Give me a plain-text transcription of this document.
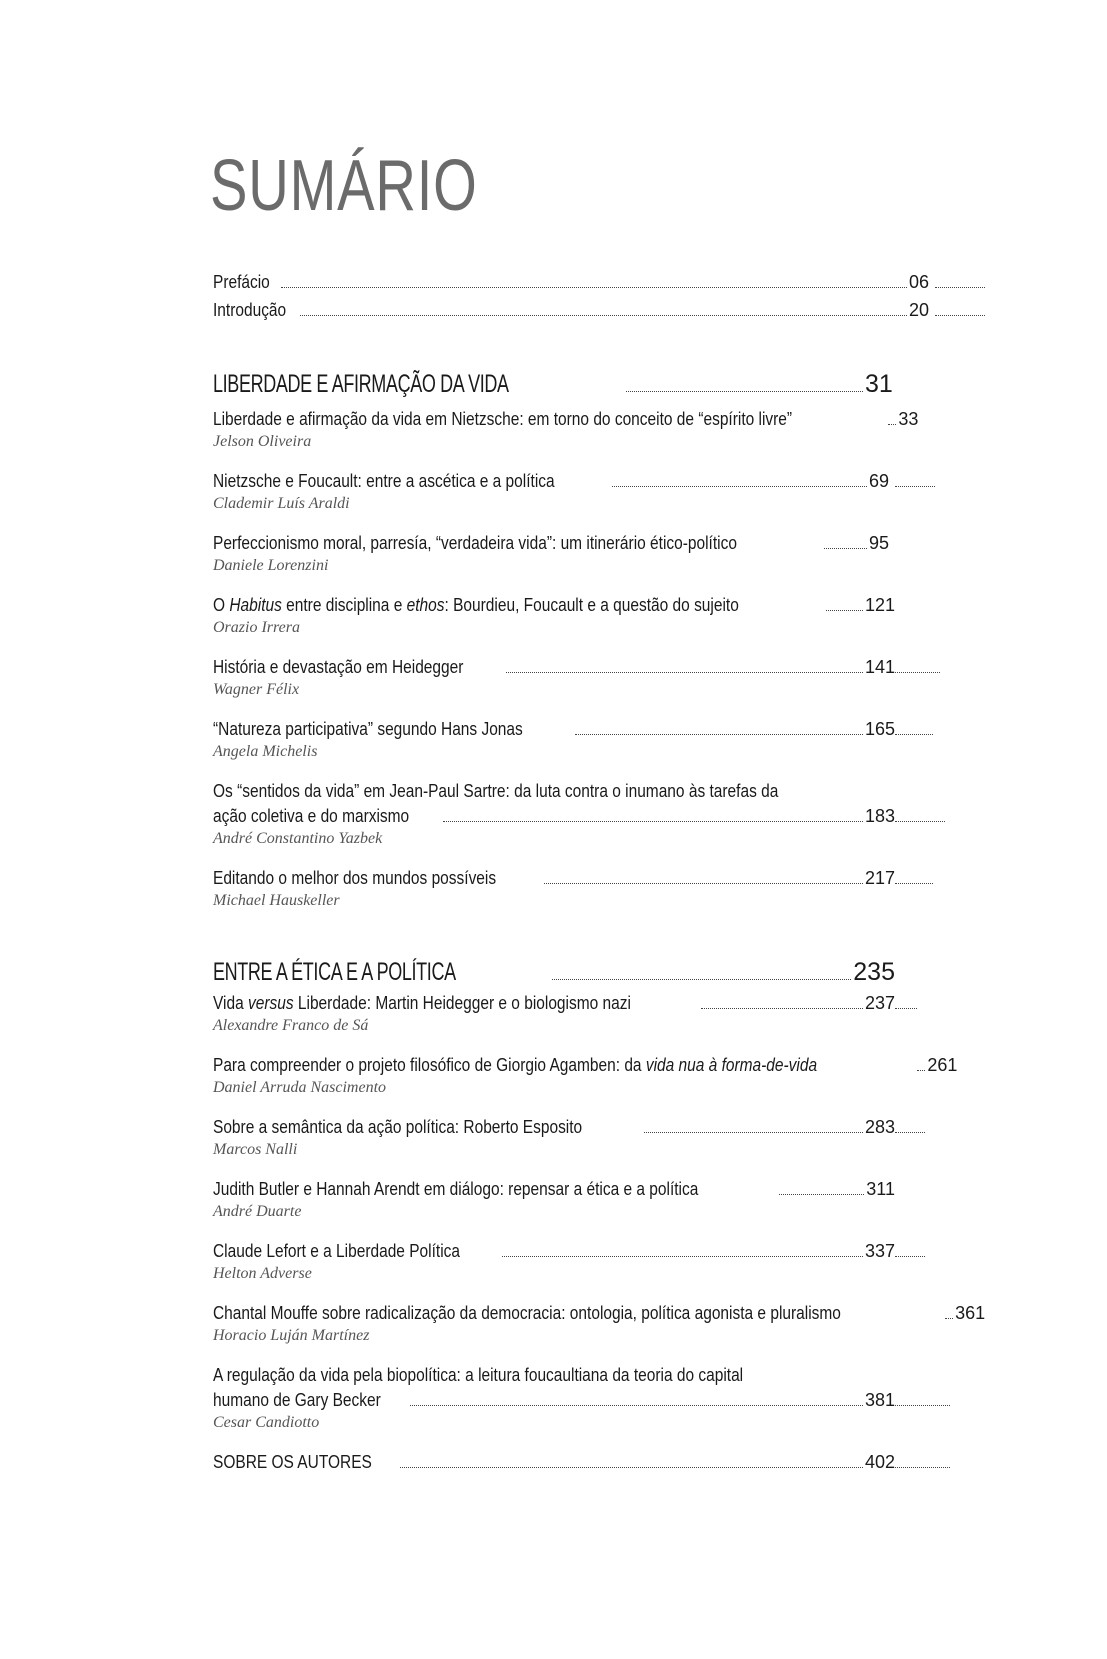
SUMÁRIO
Prefácio	06
Introdução	20
LIBERDADE E AFIRMAÇÃO DA VIDA	31
Liberdade e afirmação da vida em Nietzsche: em torno do conceito de “espírito livre”	33
Jelson Oliveira
Nietzsche e Foucault: entre a ascética e a política	69
Clademir Luís Araldi
Perfeccionismo moral, parresía, “verdadeira vida”: um itinerário ético-político	95
Daniele Lorenzini
O Habitus entre disciplina e ethos: Bourdieu, Foucault e a questão do sujeito	121
Orazio Irrera
História e devastação em Heidegger	141
Wagner Félix
“Natureza participativa” segundo Hans Jonas	165
Angela Michelis
Os “sentidos da vida” em Jean-Paul Sartre: da luta contra o inumano às tarefas da
ação coletiva e do marxismo	183
André Constantino Yazbek
Editando o melhor dos mundos possíveis	217
Michael Hauskeller
ENTRE A ÉTICA E A POLÍTICA	235
Vida versus Liberdade: Martin Heidegger e o biologismo nazi	237
Alexandre Franco de Sá
Para compreender o projeto filosófico de Giorgio Agamben: da vida nua à forma-de-vida	261
Daniel Arruda Nascimento
Sobre a semântica da ação política: Roberto Esposito	283
Marcos Nalli
Judith Butler e Hannah Arendt em diálogo: repensar a ética e a política	311
André Duarte
Claude Lefort e a Liberdade Política	337
Helton Adverse
Chantal Mouffe sobre radicalização da democracia: ontologia, política agonista e pluralismo	361
Horacio Luján Martínez
A regulação da vida pela biopolítica: a leitura foucaultiana da teoria do capital
humano de Gary Becker	381
Cesar Candiotto
SOBRE OS AUTORES	402
